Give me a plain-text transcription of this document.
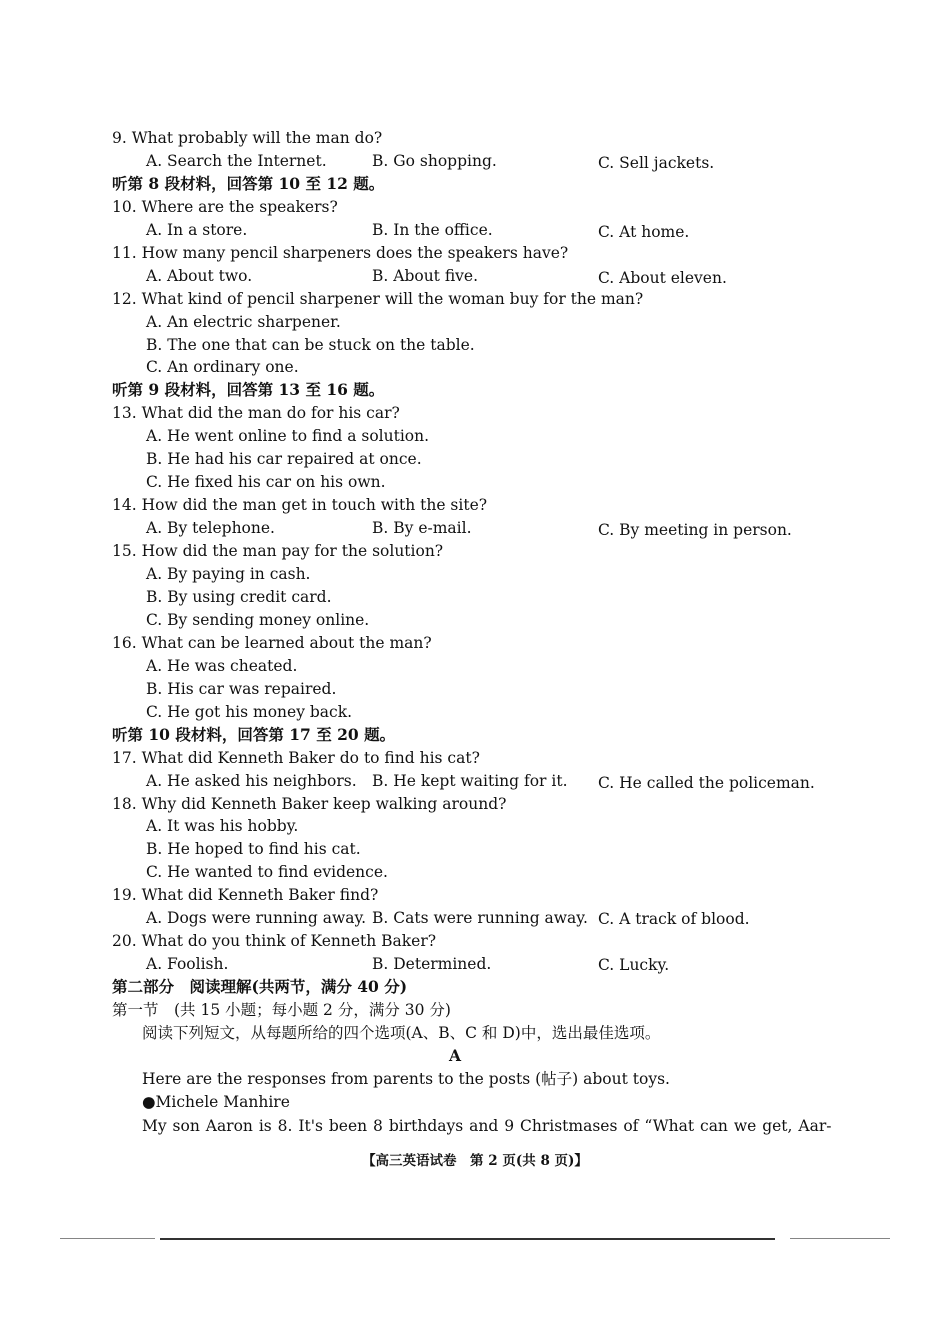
9. What probably will the man do?
A. Search the Internet.	B. Go shopping.	C. Sell jackets.
听第 8 段材料，回答第 10 至 12 题。
10. Where are the speakers?
A. In a store.	B. In the office.	C. At home.
11. How many pencil sharpeners does the speakers have?
A. About two.	B. About five.	C. About eleven.
12. What kind of pencil sharpener will the woman buy for the man?
A. An electric sharpener.
B. The one that can be stuck on the table.
C. An ordinary one.
听第 9 段材料，回答第 13 至 16 题。
13. What did the man do for his car?
A. He went online to find a solution.
B. He had his car repaired at once.
C. He fixed his car on his own.
14. How did the man get in touch with the site?
A. By telephone.	B. By e-mail.	C. By meeting in person.
15. How did the man pay for the solution?
A. By paying in cash.
B. By using credit card.
C. By sending money online.
16. What can be learned about the man?
A. He was cheated.
B. His car was repaired.
C. He got his money back.
听第 10 段材料，回答第 17 至 20 题。
17. What did Kenneth Baker do to find his cat?
A. He asked his neighbors. B. He kept waiting for it. C. He called the policeman.
18. Why did Kenneth Baker keep walking around?
A. It was his hobby.
B. He hoped to find his cat.
C. He wanted to find evidence.
19. What did Kenneth Baker find?
A. Dogs were running away. B. Cats were running away. C. A track of blood.
20. What do you think of Kenneth Baker?
A. Foolish.	B. Determined.	C. Lucky.
第二部分　阅读理解(共两节，满分 40 分)
第一节　(共 15 小题；每小题 2 分，满分 30 分)
阅读下列短文，从每题所给的四个选项(A、B、C 和 D)中，选出最佳选项。
A
Here are the responses from parents to the posts (帖子) about toys.
●Michele Manhire
My son Aaron is 8. It's been 8 birthdays and 9 Christmases of “What can we get, Aar-
【高三英语试卷　第 2 页(共 8 页)】
